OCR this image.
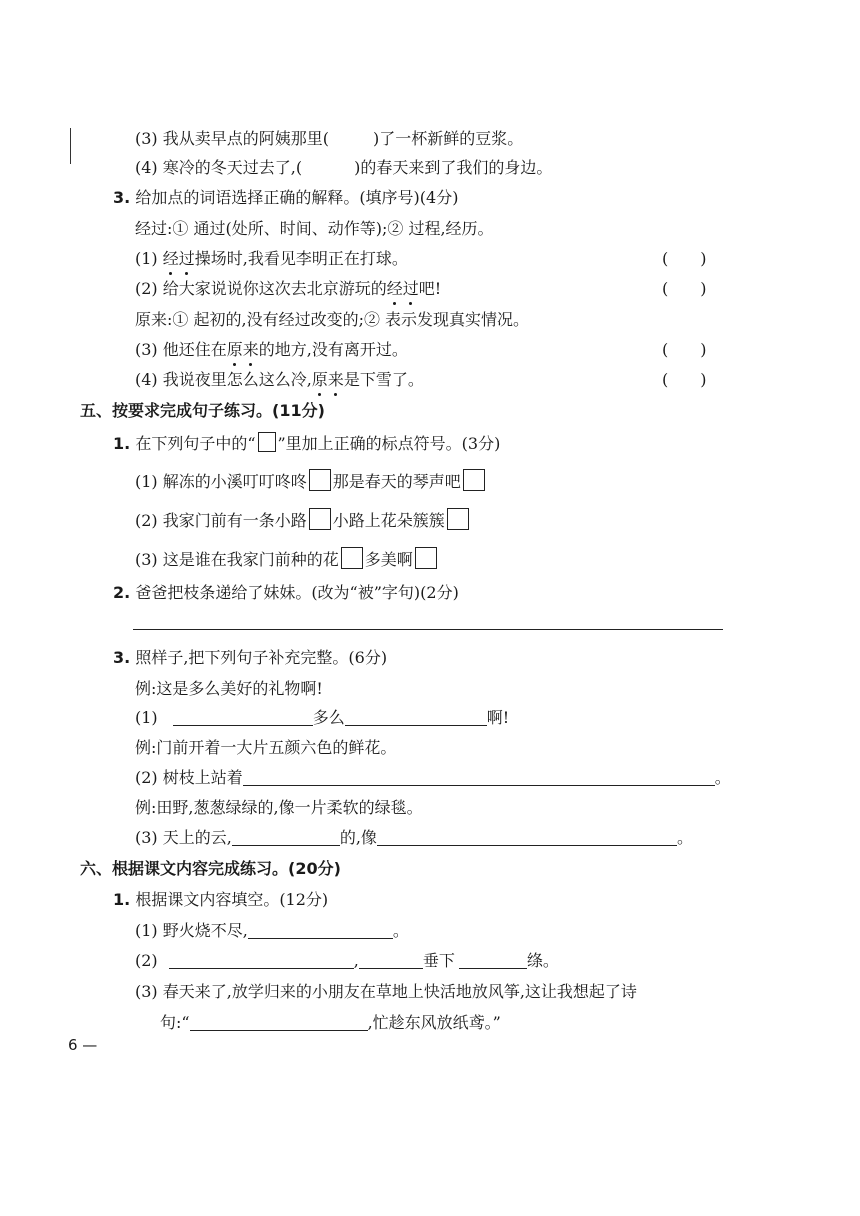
(3) 我从卖早点的阿姨那里(	)了一杯新鲜的豆浆。
(4) 寒冷的冬天过去了,(	)的春天来到了我们的身边。
3. 给加点的词语选择正确的解释。(填序号)(4分)
经过:① 通过(处所、时间、动作等);② 过程,经历。
(1) 经过操场时,我看见李明正在打球。	(　　)
(2) 给大家说说你这次去北京游玩的经过吧!	(　　)
原来:① 起初的,没有经过改变的;② 表示发现真实情况。
(3) 他还住在原来的地方,没有离开过。	(　　)
(4) 我说夜里怎么这么冷,原来是下雪了。	(　　)
五、按要求完成句子练习。(11分)
1. 在下列句子中的“ ”里加上正确的标点符号。(3分)
(1) 解冻的小溪叮叮咚咚 那是春天的琴声吧
(2) 我家门前有一条小路 小路上花朵簇簇
(3) 这是谁在我家门前种的花 多美啊
2. 爸爸把枝条递给了妹妹。(改为“被”字句)(2分)
3. 照样子,把下列句子补充完整。(6分)
例:这是多么美好的礼物啊!
(1)	多么	啊!
例:门前开着一大片五颜六色的鲜花。
(2) 树枝上站着	。
例:田野,葱葱绿绿的,像一片柔软的绿毯。
(3) 天上的云,	的,像	。
六、根据课文内容完成练习。(20分)
1. 根据课文内容填空。(12分)
(1) 野火烧不尽,	。
(2)	,	垂下	绦。
(3) 春天来了,放学归来的小朋友在草地上快活地放风筝,这让我想起了诗
句:“	,忙趁东风放纸鸢。”
6 —
